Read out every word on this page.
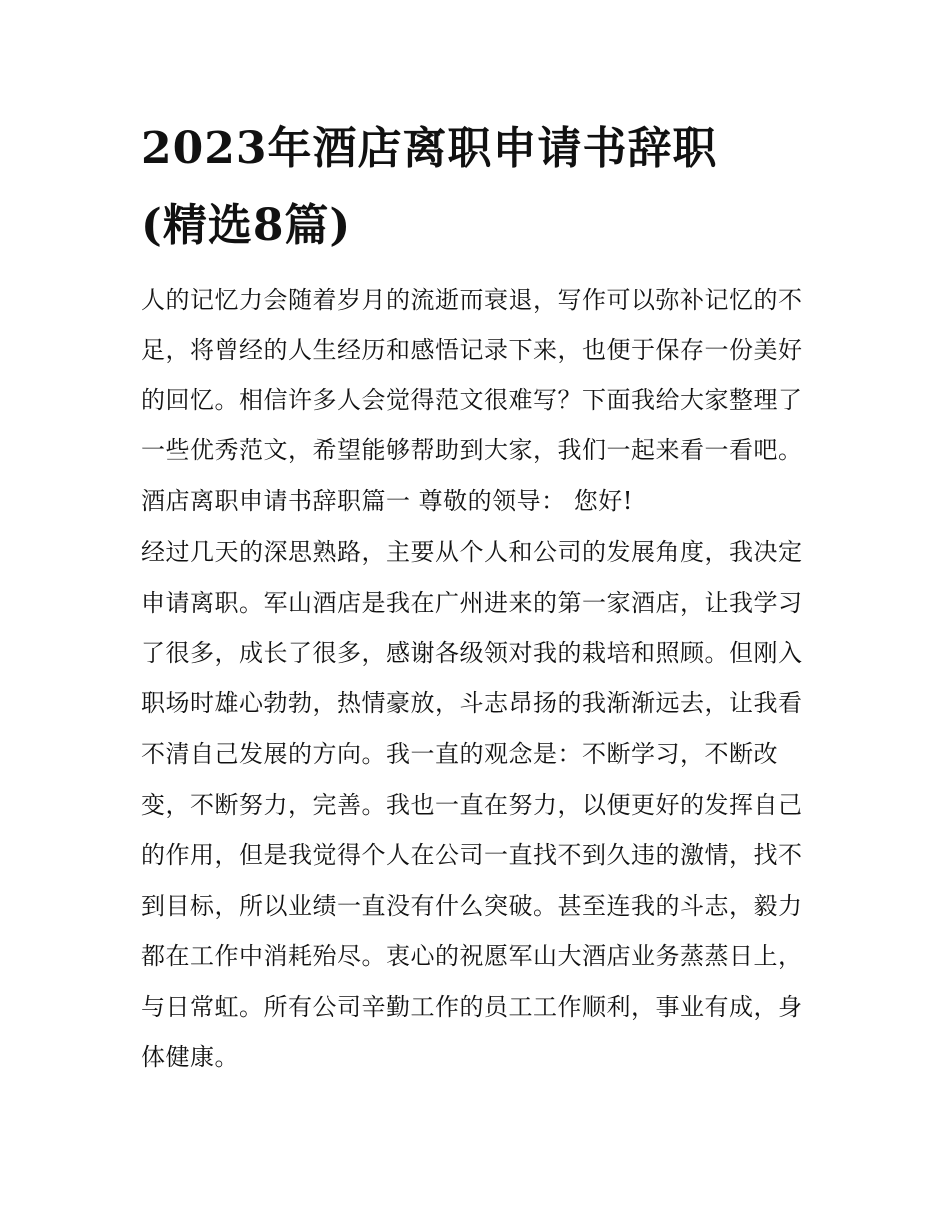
2023年酒店离职申请书辞职
(精选8篇)
人的记忆力会随着岁月的流逝而衰退，写作可以弥补记忆的不
足，将曾经的人生经历和感悟记录下来，也便于保存一份美好
的回忆。相信许多人会觉得范文很难写？下面我给大家整理了
一些优秀范文，希望能够帮助到大家，我们一起来看一看吧。
酒店离职申请书辞职篇一 尊敬的领导： 您好!
经过几天的深思熟路，主要从个人和公司的发展角度，我决定
申请离职。军山酒店是我在广州进来的第一家酒店，让我学习
了很多，成长了很多，感谢各级领对我的栽培和照顾。但刚入
职场时雄心勃勃，热情豪放，斗志昂扬的我渐渐远去，让我看
不清自己发展的方向。我一直的观念是：不断学习，不断改
变，不断努力，完善。我也一直在努力，以便更好的发挥自己
的作用，但是我觉得个人在公司一直找不到久违的激情，找不
到目标，所以业绩一直没有什么突破。甚至连我的斗志，毅力
都在工作中消耗殆尽。衷心的祝愿军山大酒店业务蒸蒸日上，
与日常虹。所有公司辛勤工作的员工工作顺利，事业有成，身
体健康。
